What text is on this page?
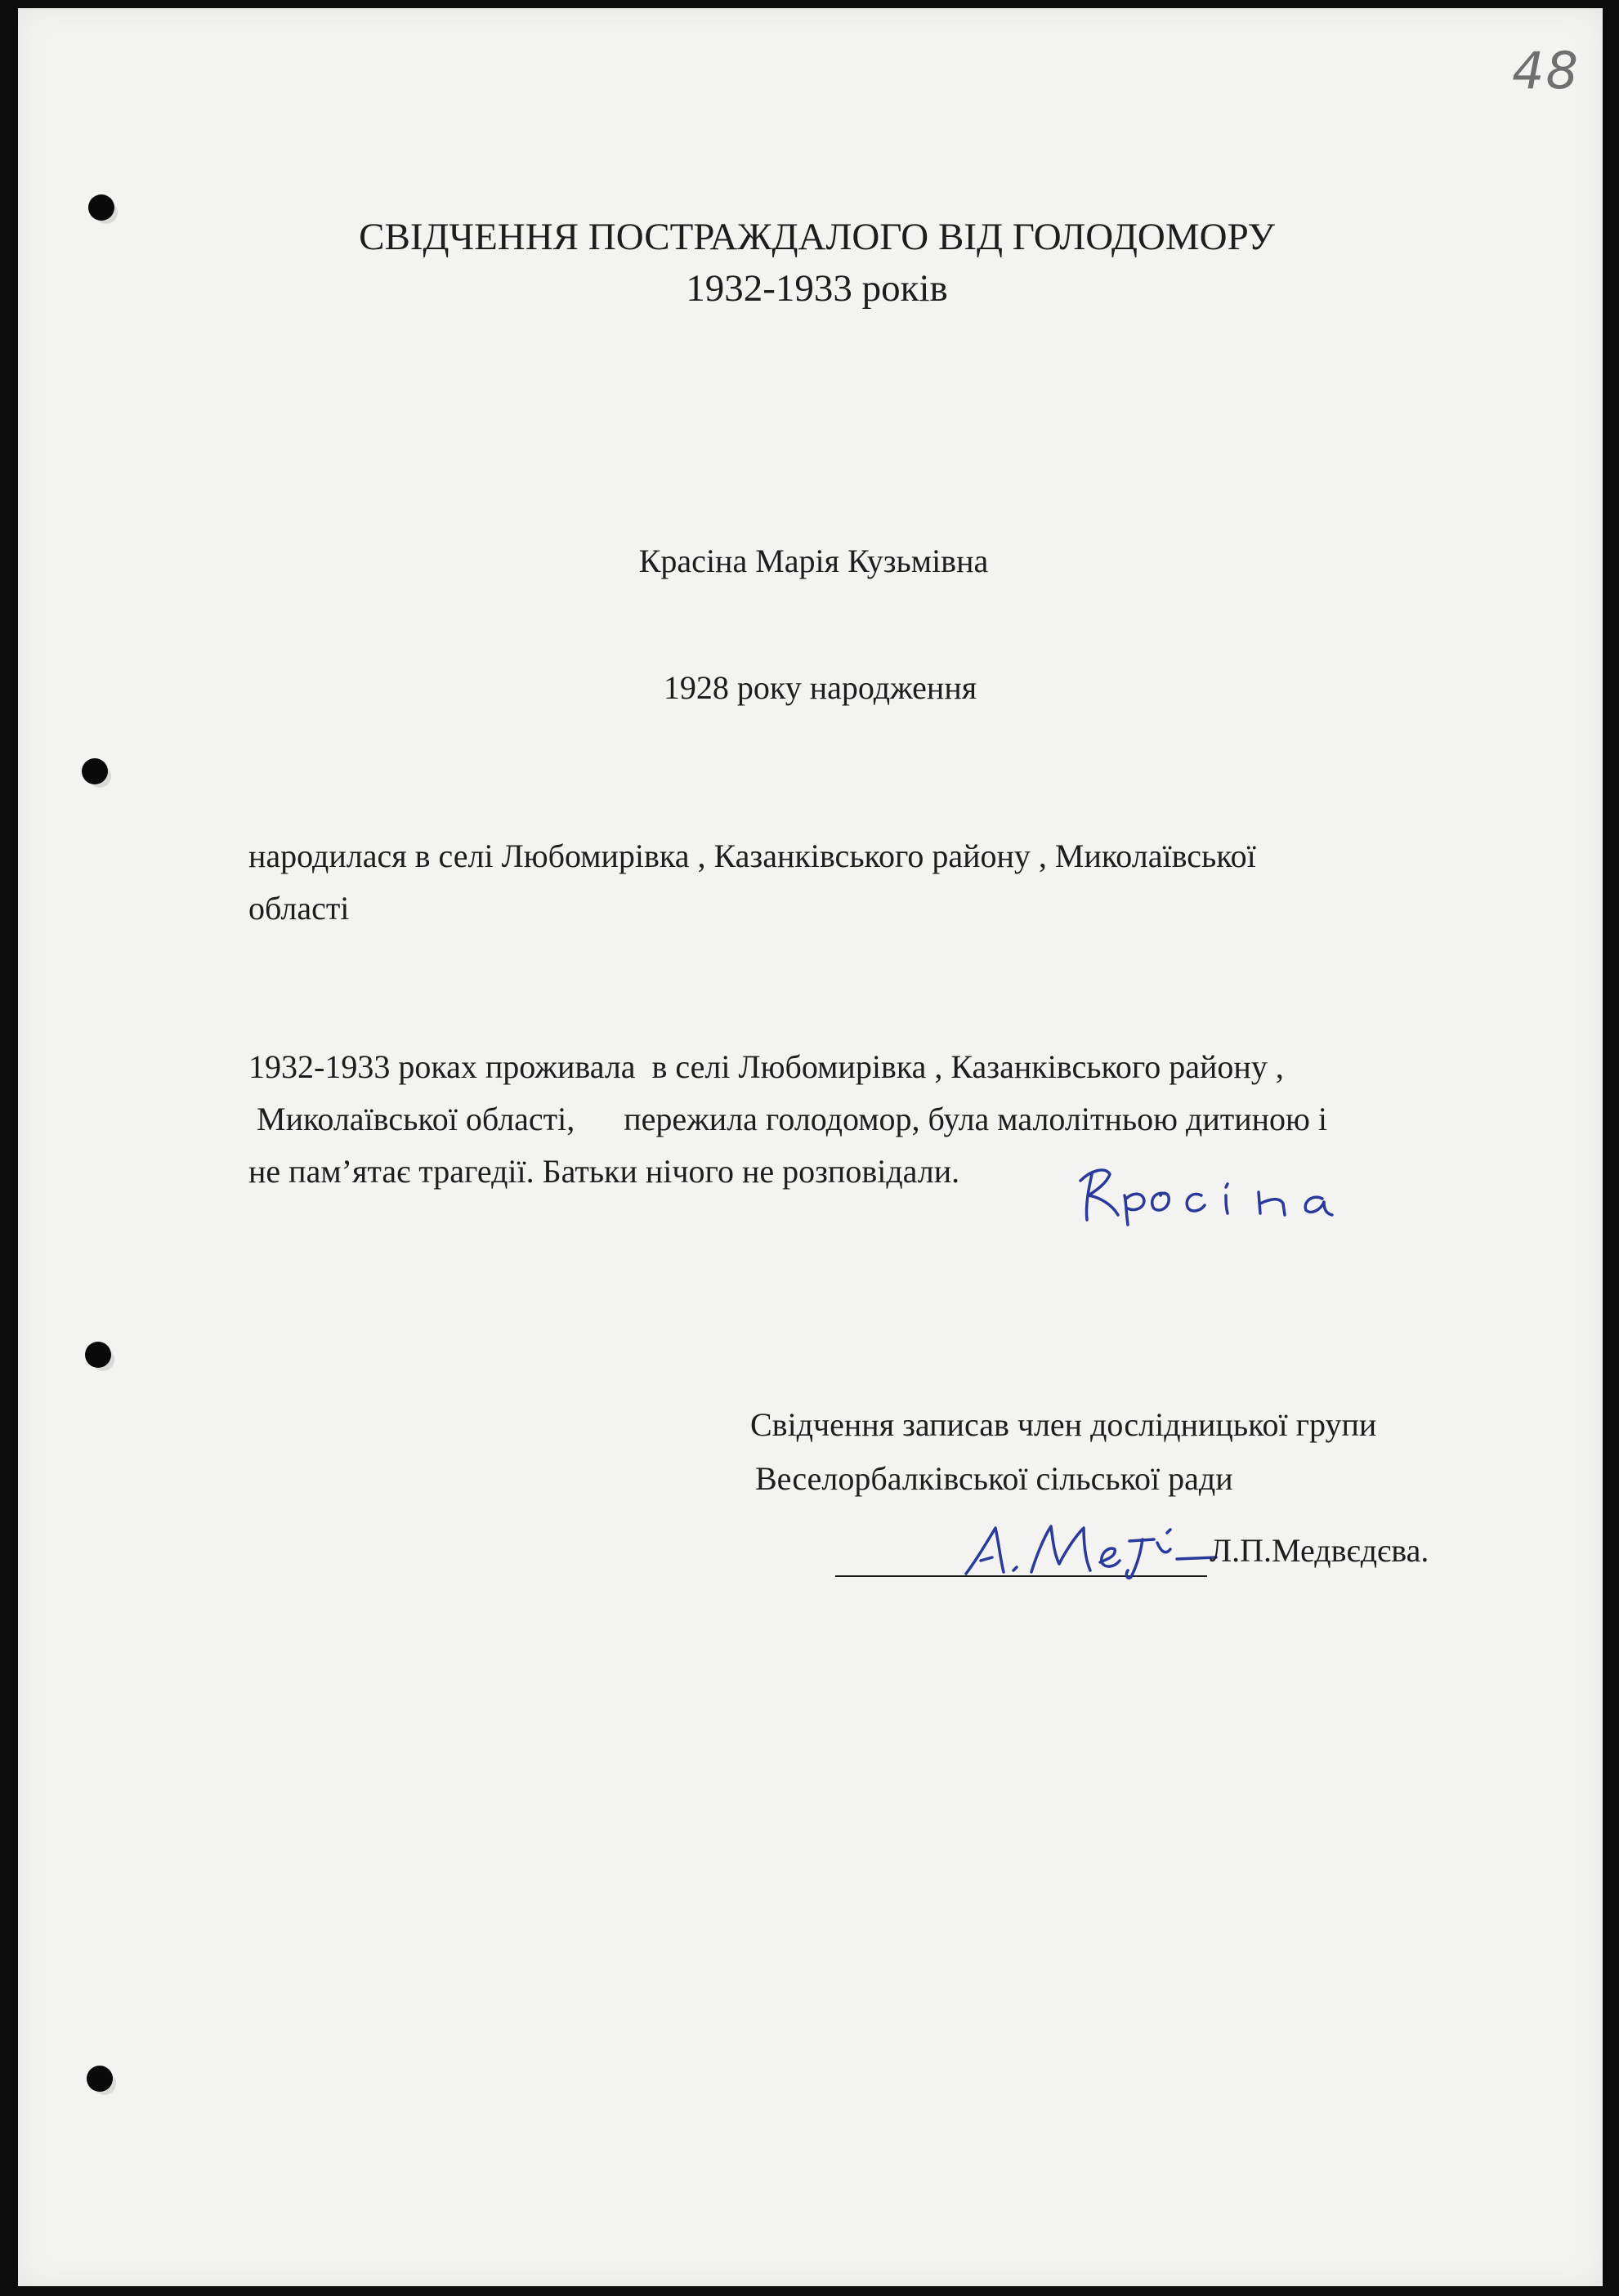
48
СВІДЧЕННЯ ПОСТРАЖДАЛОГО ВІД ГОЛОДОМОРУ
1932-1933 років
Красіна Марія Кузьмівна
1928 року народження
народилася в селі Любомирівка , Казанківського району , Миколаївської
області
1932-1933 роках проживала  в селі Любомирівка , Казанківського району ,
Миколаївської області,      пережила голодомор, була малолітньою дитиною і
не пам’ятає трагедії. Батьки нічого не розповідали.
Свідчення записав член дослідницької групи
Веселорбалківської сільської ради
Л.П.Медвєдєва.
